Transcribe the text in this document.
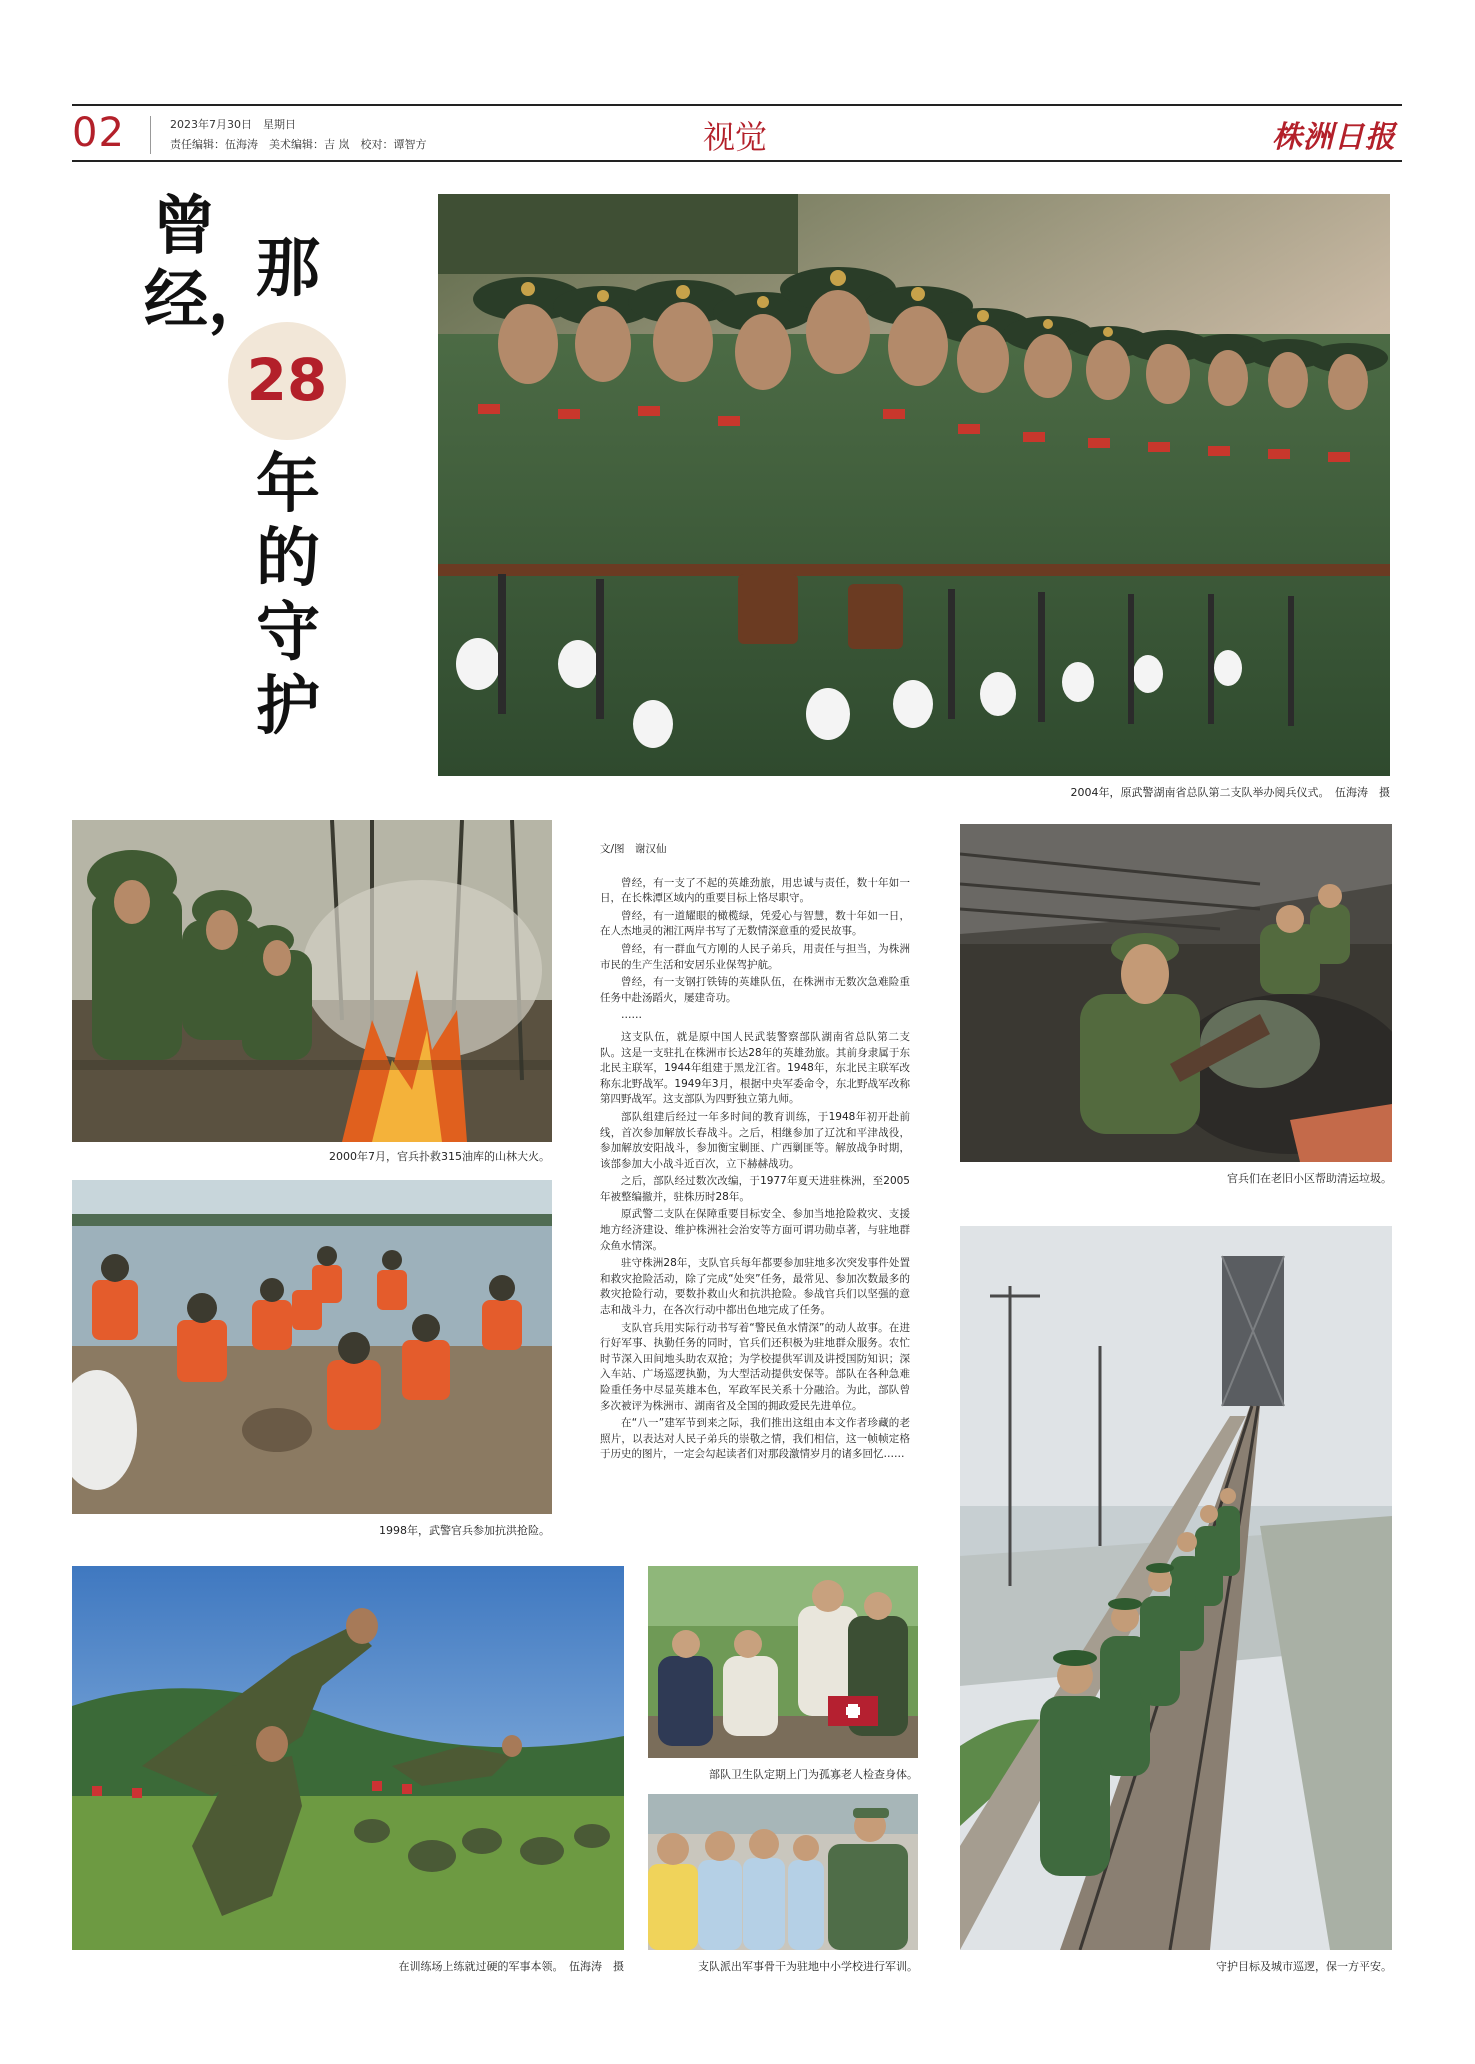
02	2023年7月30日　星期日
责任编辑：伍海涛　美术编辑：吉 岚　校对：谭智方	视觉	株洲日报
曾经，
那
28
年的守护
2004年，原武警湖南省总队第二支队举办阅兵仪式。　伍海涛　摄
2000年7月，官兵扑救315油库的山林大火。
1998年，武警官兵参加抗洪抢险。
在训练场上练就过硬的军事本领。　伍海涛　摄
文/图　谢汉仙

曾经，有一支了不起的英雄劲旅，用忠诚与责任，数十年如一日，在长株潭区域内的重要目标上恪尽职守。

曾经，有一道耀眼的橄榄绿，凭爱心与智慧，数十年如一日，在人杰地灵的湘江两岸书写了无数情深意重的爱民故事。

曾经，有一群血气方刚的人民子弟兵，用责任与担当，为株洲市民的生产生活和安居乐业保驾护航。

曾经，有一支钢打铁铸的英雄队伍，在株洲市无数次急难险重任务中赴汤蹈火，屡建奇功。

……

这支队伍，就是原中国人民武装警察部队湖南省总队第二支队。这是一支驻扎在株洲市长达28年的英雄劲旅。其前身隶属于东北民主联军，1944年组建于黑龙江省。1948年，东北民主联军改称东北野战军。1949年3月，根据中央军委命令，东北野战军改称第四野战军。这支部队为四野独立第九师。

部队组建后经过一年多时间的教育训练，于1948年初开赴前线，首次参加解放长春战斗。之后，相继参加了辽沈和平津战役，参加解放安阳战斗，参加衡宝剿匪、广西剿匪等。解放战争时期，该部参加大小战斗近百次，立下赫赫战功。

之后，部队经过数次改编，于1977年夏天进驻株洲，至2005年被整编撤并，驻株历时28年。

原武警二支队在保障重要目标安全、参加当地抢险救灾、支援地方经济建设、维护株洲社会治安等方面可谓功勋卓著，与驻地群众鱼水情深。

驻守株洲28年，支队官兵每年都要参加驻地多次突发事件处置和救灾抢险活动，除了完成“处突”任务，最常见、参加次数最多的救灾抢险行动，要数扑救山火和抗洪抢险。参战官兵们以坚强的意志和战斗力，在各次行动中都出色地完成了任务。

支队官兵用实际行动书写着“警民鱼水情深”的动人故事。在进行好军事、执勤任务的同时，官兵们还积极为驻地群众服务。农忙时节深入田间地头助农双抢；为学校提供军训及讲授国防知识；深入车站、广场巡逻执勤，为大型活动提供安保等。部队在各种急难险重任务中尽显英雄本色，军政军民关系十分融洽。为此，部队曾多次被评为株洲市、湖南省及全国的拥政爱民先进单位。

在“八一”建军节到来之际，我们推出这组由本文作者珍藏的老照片，以表达对人民子弟兵的崇敬之情，我们相信，这一帧帧定格于历史的图片，一定会勾起读者们对那段激情岁月的诸多回忆……

部队卫生队定期上门为孤寡老人检查身体。
支队派出军事骨干为驻地中小学校进行军训。
官兵们在老旧小区帮助清运垃圾。
守护目标及城市巡逻，保一方平安。
